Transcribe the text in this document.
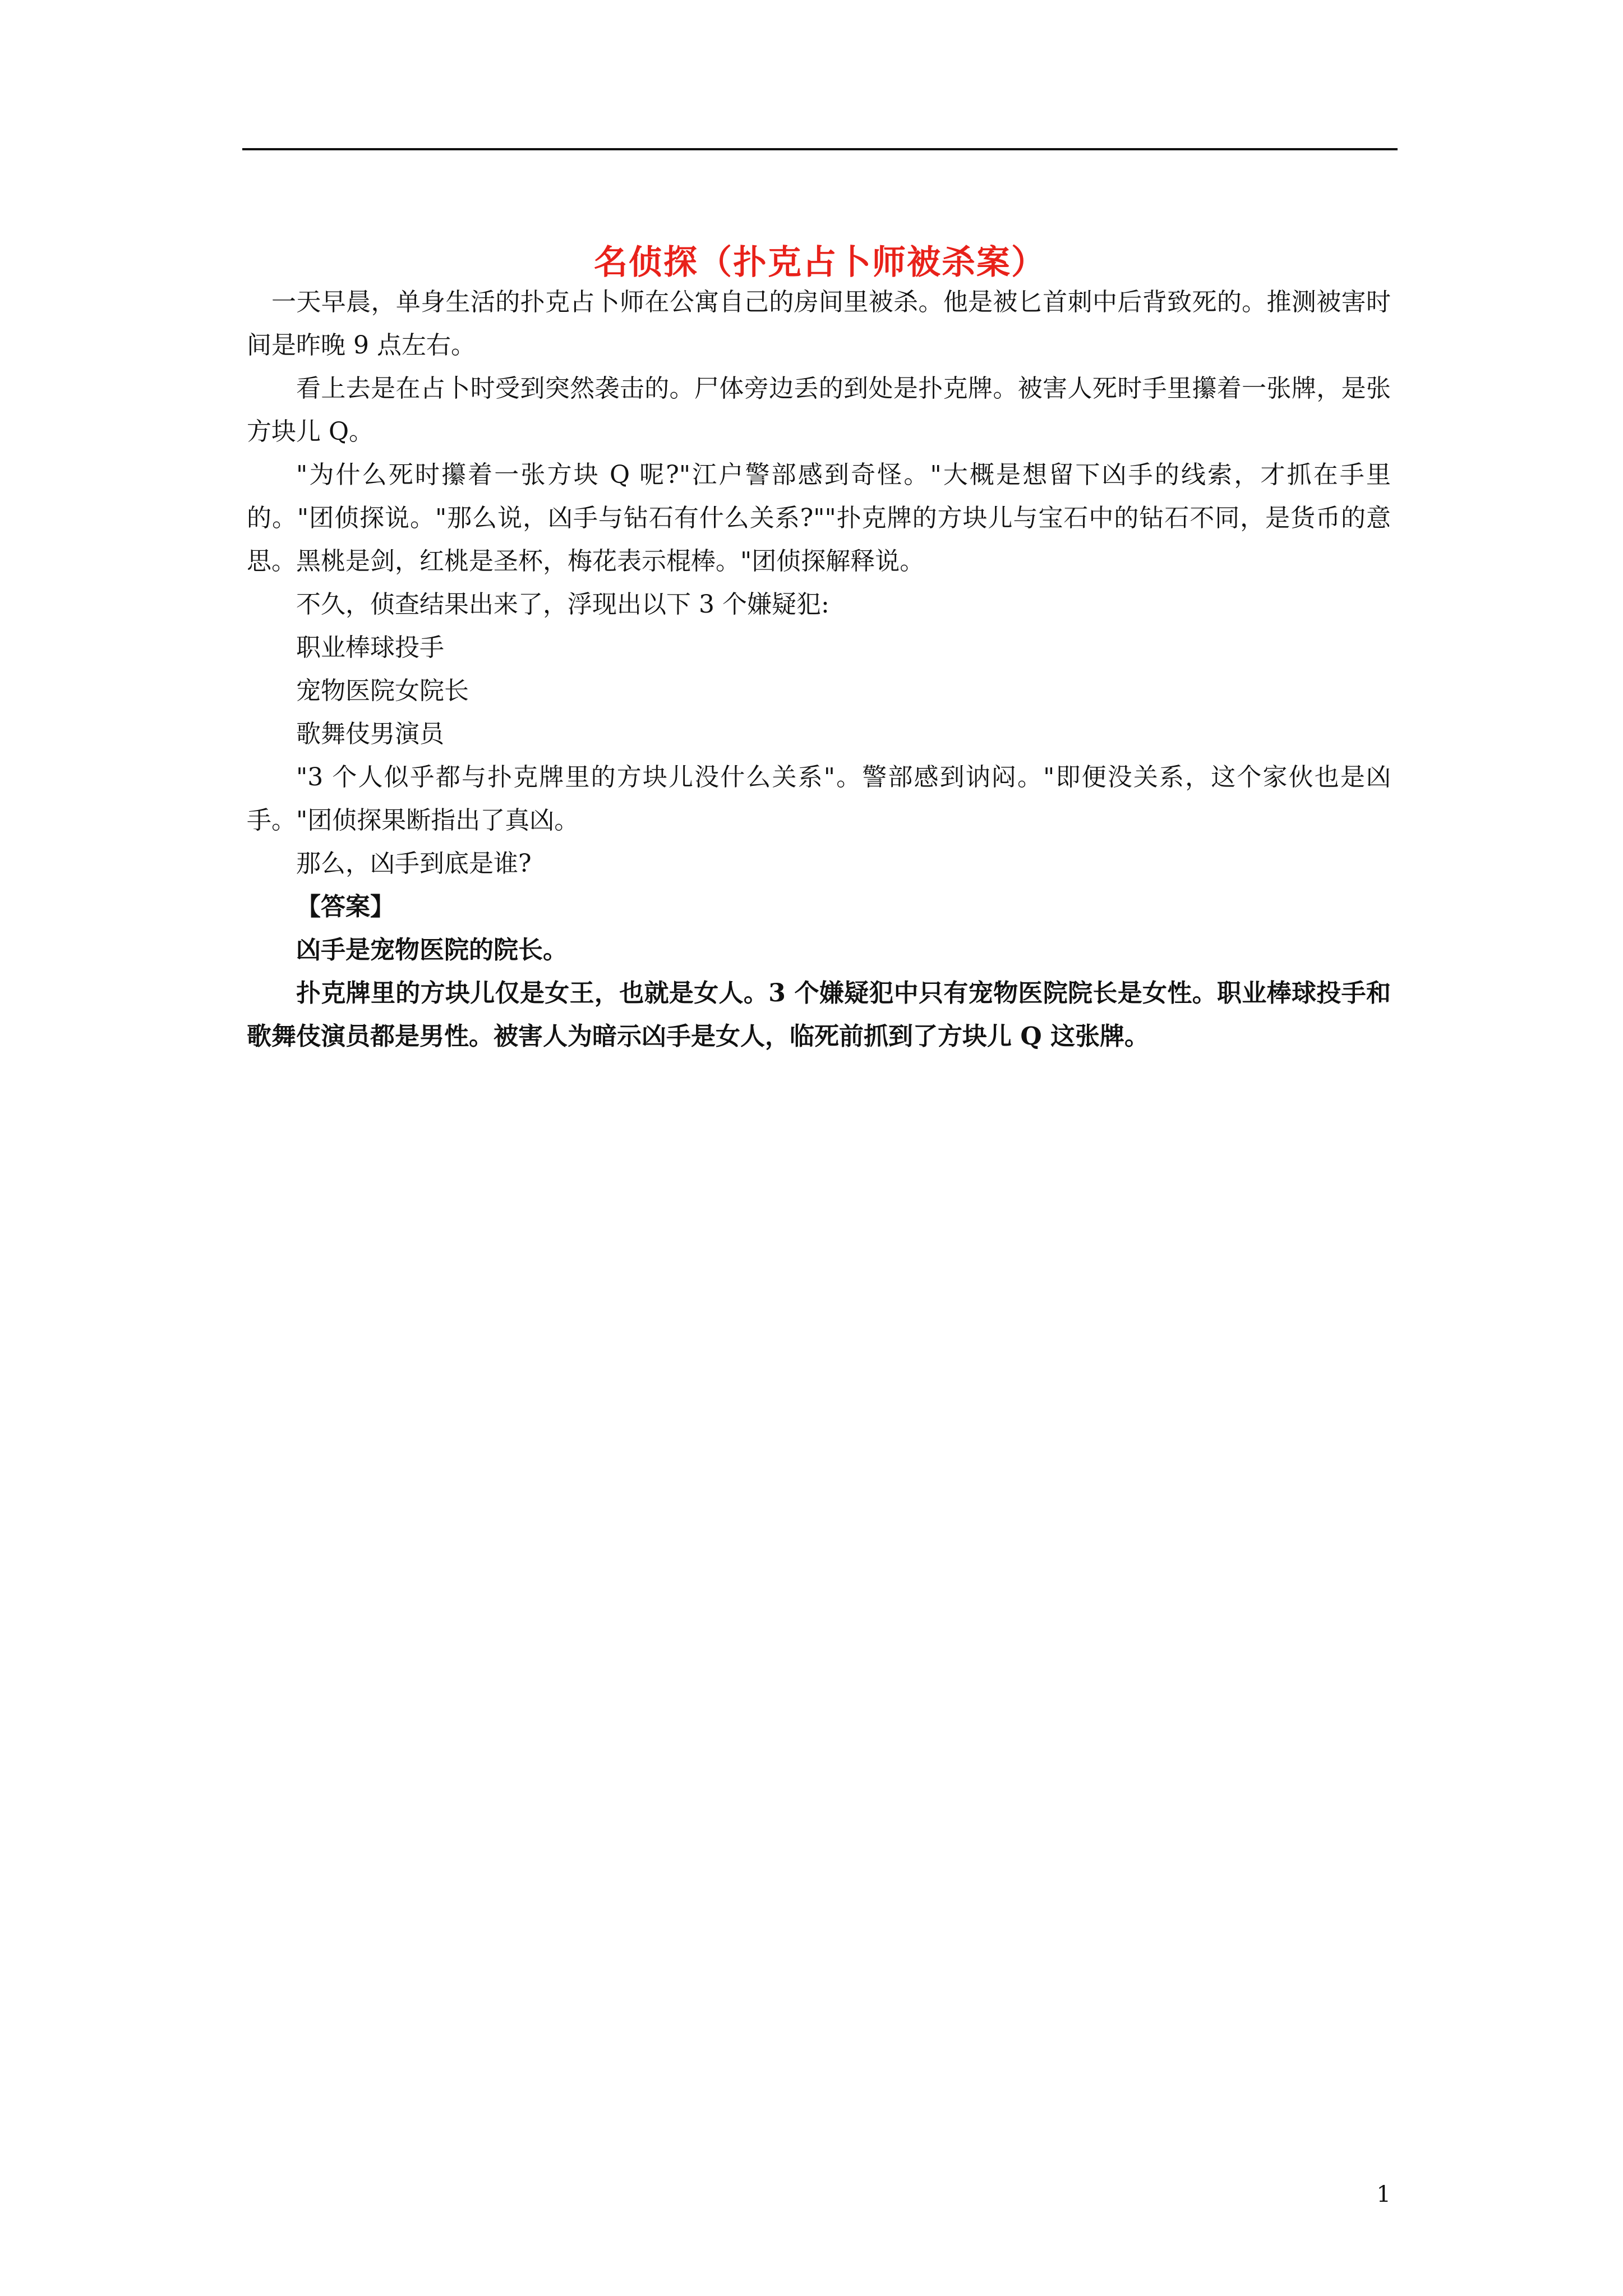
名侦探（扑克占卜师被杀案）

一天早晨，单身生活的扑克占卜师在公寓自己的房间里被杀。他是被匕首刺中后背致死的。推测被害时间是昨晚 9 点左右。

看上去是在占卜时受到突然袭击的。尸体旁边丢的到处是扑克牌。被害人死时手里攥着一张牌，是张方块儿 Q。

"为什么死时攥着一张方块 Q 呢?"江户警部感到奇怪。"大概是想留下凶手的线索，才抓在手里的。"团侦探说。"那么说，凶手与钻石有什么关系?""扑克牌的方块儿与宝石中的钻石不同，是货币的意思。黑桃是剑，红桃是圣杯，梅花表示棍棒。"团侦探解释说。

不久，侦查结果出来了，浮现出以下 3 个嫌疑犯:

职业棒球投手

宠物医院女院长

歌舞伎男演员

"3 个人似乎都与扑克牌里的方块儿没什么关系"。警部感到讷闷。"即便没关系，这个家伙也是凶手。"团侦探果断指出了真凶。

那么，凶手到底是谁?

【答案】

凶手是宠物医院的院长。

扑克牌里的方块儿仅是女王，也就是女人。3 个嫌疑犯中只有宠物医院院长是女性。职业棒球投手和歌舞伎演员都是男性。被害人为暗示凶手是女人，临死前抓到了方块儿 Q 这张牌。

1
